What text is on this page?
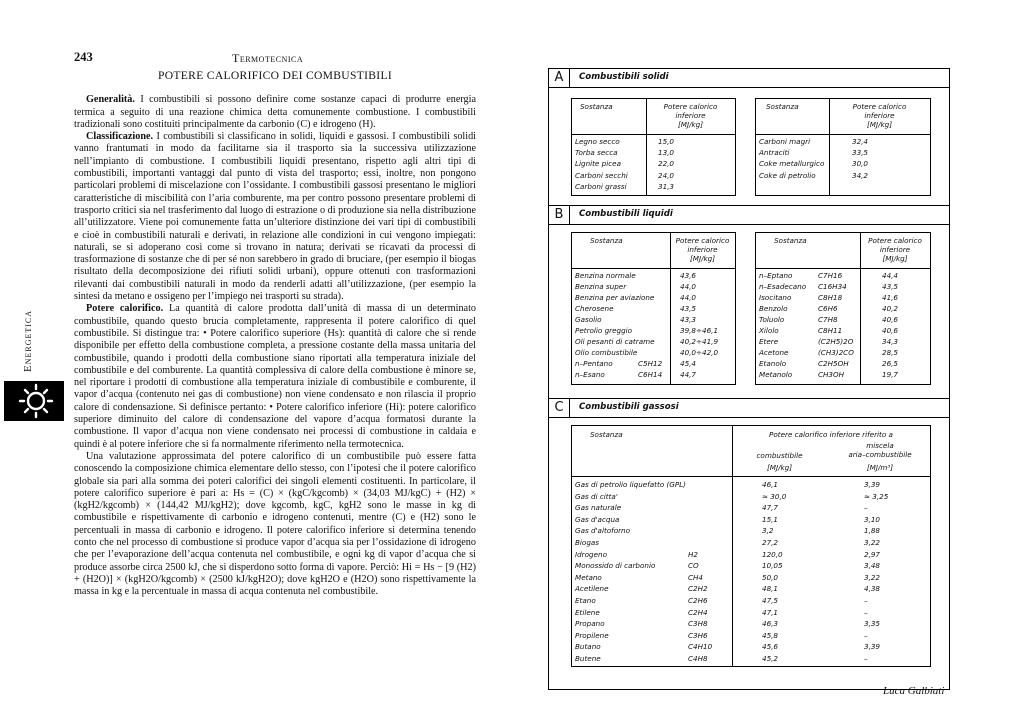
243	Termotecnica
Energetica
POTERE CALORIFICO DEI COMBUSTIBILI

Generalità. I combustibili si possono definire come sostanze capaci di produrre energia termica a seguito di una reazione chimica detta comunemente combustione. I combustibili tradizionali sono costituiti principalmente da carbonio (C) e idrogeno (H).

Classificazione. I combustibili si classificano in solidi, liquidi e gassosi. I combustibili solidi vanno frantumati in modo da facilitarne sia il trasporto sia la successiva utilizzazione nell’impianto di combustione. I combustibili liquidi presentano, rispetto agli altri tipi di combustibili, importanti vantaggi dal punto di vista del trasporto; essi, inoltre, non pongono particolari problemi di miscelazione con l’ossidante. I combustibili gassosi presentano le migliori caratteristiche di miscibilità con l’aria comburente, ma per contro possono presentare problemi di trasporto critici sia nel trasferimento dal luogo di estrazione o di produzione sia nella distribuzione all’utilizzatore. Viene poi comunemente fatta un’ulteriore distinzione dei vari tipi di combustibili e cioè in combustibili naturali e derivati, in relazione alle condizioni in cui vengono impiegati: naturali, se si adoperano così come si trovano in natura; derivati se ricavati da processi di trasformazione di sostanze che di per sé non sarebbero in grado di bruciare, (per esempio il biogas risultato della decomposizione dei rifiuti solidi urbani), oppure ottenuti con trasformazioni rilevanti dai combustibili naturali in modo da renderli adatti all’utilizzazione, (per esempio la sintesi da metano e ossigeno per l’impiego nei trasporti su strada).

Potere calorifico. La quantità di calore prodotta dall’unità di massa di un determinato combustibile, quando questo brucia completamente, rappresenta il potere calorifico di quel combustibile. Si distingue tra: • Potere calorifico superiore (Hs): quantità di calore che si rende disponibile per effetto della combustione completa, a pressione costante della massa unitaria del combustibile, quando i prodotti della combustione siano riportati alla temperatura iniziale del combustibile e del comburente. La quantità complessiva di calore della combustione è minore se, nel riportare i prodotti di combustione alla temperatura iniziale di combustibile e comburente, il vapor d’acqua (contenuto nei gas di combustione) non viene condensato e non rilascia il proprio calore di condensazione. Si definisce pertanto: • Potere calorifico inferiore (Hi): potere calorifico superiore diminuito del calore di condensazione del vapore d’acqua formatosi durante la combustione. Il vapor d’acqua non viene condensato nei processi di combustione in caldaia e quindi è al potere inferiore che si fa normalmente riferimento nella termotecnica.

Una valutazione approssimata del potere calorifico di un combustibile può essere fatta conoscendo la composizione chimica elementare dello stesso, con l’ipotesi che il potere calorifico globale sia pari alla somma dei poteri calorifici dei singoli elementi costituenti. In particolare, il potere calorifico superiore è pari a: Hs = (C) × (kgC/kgcomb) × (34,03 MJ/kgC) + (H2) × (kgH2/kgcomb) × (144,42 MJ/kgH2); dove kgcomb, kgC, kgH2 sono le masse in kg di combustibile e rispettivamente di carbonio e idrogeno contenuti, mentre (C) e (H2) sono le percentuali in massa di carbonio e idrogeno. Il potere calorifico inferiore si determina tenendo conto che nel processo di combustione si produce vapor d’acqua sia per l’ossidazione di idrogeno che per l’evaporazione dell’acqua contenuta nel combustibile, e ogni kg di vapor d’acqua che si produce assorbe circa 2500 kJ, che si disperdono sotto forma di vapore. Perciò: Hi = Hs − [9 (H2) + (H2O)] × (kgH2O/kgcomb) × (2500 kJ/kgH2O); dove kgH2O e (H2O) sono rispettivamente la massa in kg e la percentuale in massa di acqua contenuta nel combustibile.

A	Combustibili solidi
Sostanza	Potere calorico
inferiore
[MJ/kg]
Legno secco	15,0
Torba secca	13,0
Lignite picea	22,0
Carboni secchi	24,0
Carboni grassi	31,3
Sostanza	Potere calorico
inferiore
[MJ/kg]
Carboni magri	32,4
Antraciti	33,5
Coke metallurgico	30,0
Coke di petrolio	34,2
B	Combustibili liquidi
Sostanza	Potere calorico
inferiore
[MJ/kg]
Benzina normale	43,6
Benzina super	44,0
Benzina per aviazione	44,0
Cherosene	43,5
Gasolio	43,3
Petrolio greggio	39,8÷46,1
Oli pesanti di catrame	40,2÷41,9
Olio combustibile	40,0÷42,0
n–Pentano	C5H12 45,4
n–Esano	C6H14 44,7
Sostanza	Potere calorico
inferiore
[MJ/kg]
n–Eptano	C7H16	44,4
n–Esadecano C16H34	43,5
Isocitano	C8H18	41,6
Benzolo	C6H6	40,2
Toluolo	C7H8	40,6
Xilolo	C8H11	40,6
Etere	(C2H5)2O	34,3
Acetone	(CH3)2CO	28,5
Etanolo	C2H5OH	26,5
Metanolo	CH3OH	19,7
C	Combustibili gassosi
Sostanza	Potere calorifico inferiore riferito a
combustibile
miscela
aria–combustibile
[MJ/kg]	[MJ/m³]
Gas di petrolio liquefatto (GPL)	46,1	3,39
Gas di citta'	≈ 30,0	≈ 3,25
Gas naturale	47,7	–
Gas d'acqua	15,1	3,10
Gas d'altoforno	3,2	1,88
Biogas	27,2	3,22
Idrogeno	H2	120,0	2,97
Monossido di carbonio	CO	10,05	3,48
Metano	CH4	50,0	3,22
Acetilene	C2H2	48,1	4,38
Etano	C2H6	47,5	–
Etilene	C2H4	47,1	–
Propano	C3H8	46,3	3,35
Propilene	C3H6	45,8	–
Butano	C4H10	45,6	3,39
Butene	C4H8	45,2	–
Luca Galbiati
